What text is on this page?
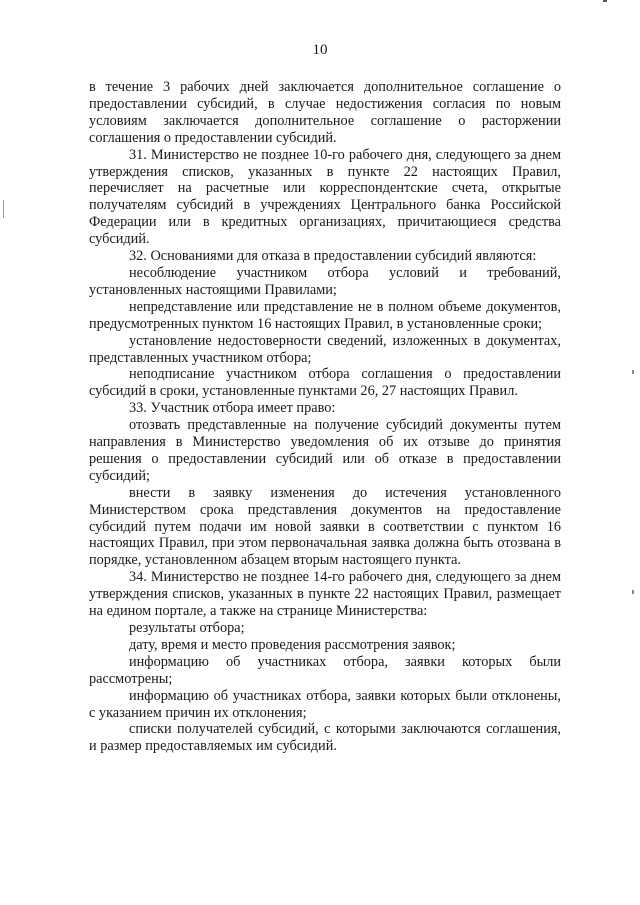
10

в течение 3 рабочих дней заключается дополнительное соглашение о предоставлении субсидий, в случае недостижения согласия по новым условиям заключается дополнительное соглашение о расторжении соглашения о предоставлении субсидий.

31. Министерство не позднее 10-го рабочего дня, следующего за днем утверждения списков, указанных в пункте 22 настоящих Правил, перечисляет на расчетные или корреспондентские счета, открытые получателям субсидий в учреждениях Центрального банка Российской Федерации или в кредитных организациях, причитающиеся средства субсидий.

32. Основаниями для отказа в предоставлении субсидий являются:

несоблюдение участником отбора условий и требований, установленных настоящими Правилами;

непредставление или представление не в полном объеме документов, предусмотренных пунктом 16 настоящих Правил, в установленные сроки;

установление недостоверности сведений, изложенных в документах, представленных участником отбора;

неподписание участником отбора соглашения о предоставлении субсидий в сроки, установленные пунктами 26, 27 настоящих Правил.

33. Участник отбора имеет право:

отозвать представленные на получение субсидий документы путем направления в Министерство уведомления об их отзыве до принятия решения о предоставлении субсидий или об отказе в предоставлении субсидий;

внести в заявку изменения до истечения установленного Министерством срока представления документов на предоставление субсидий путем подачи им новой заявки в соответствии с пунктом 16 настоящих Правил, при этом первоначальная заявка должна быть отозвана в порядке, установленном абзацем вторым настоящего пункта.

34. Министерство не позднее 14-го рабочего дня, следующего за днем утверждения списков, указанных в пункте 22 настоящих Правил, размещает на едином портале, а также на странице Министерства:

результаты отбора;

дату, время и место проведения рассмотрения заявок;

информацию об участниках отбора, заявки которых были рассмотрены;

информацию об участниках отбора, заявки которых были отклонены, с указанием причин их отклонения;

списки получателей субсидий, с которыми заключаются соглашения, и размер предоставляемых им субсидий.
